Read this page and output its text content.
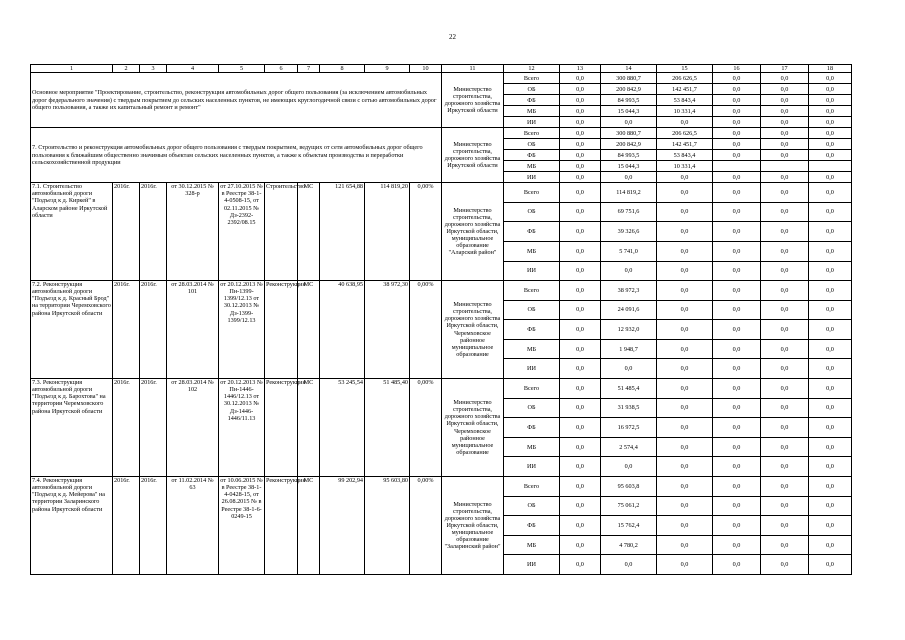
22
1	2	3	4	5	6	7	8	9	10	11	12	13	14	15	16	17	18
Основное мероприятие "Проектирование, строительство, реконструкция автомобильных дорог общего пользования (за исключением автомобильных дорог федерального значения) с твердым покрытием до сельских населенных пунктов, не имеющих круглогодичной связи с сетью автомобильных дорог общего пользования, а также их капитальный ремонт и ремонт"										Министерство строительства, дорожного хозяйства Иркутской области	Всего	0,0	300 880,7	206 626,5	0,0	0,0	0,0
											ОБ	0,0	200 842,9	142 451,7	0,0	0,0	0,0
											ФБ	0,0	84 993,5	53 843,4	0,0	0,0	0,0
											МБ	0,0	15 044,3	10 331,4	0,0	0,0	0,0
											ИИ	0,0	0,0	0,0	0,0	0,0	0,0
7. Строительство и реконструкция автомобильных дорог общего пользования с твердым покрытием, ведущих от сети автомобильных дорог общего пользования к ближайшим общественно значимым объектам сельских населенных пунктов, а также к объектам производства и переработки сельскохозяйственной продукции										Министерство строительства, дорожного хозяйства Иркутской области	Всего	0,0	300 880,7	206 626,5	0,0	0,0	0,0
											ОБ	0,0	200 842,9	142 451,7	0,0	0,0	0,0
											ФБ	0,0	84 993,5	53 843,4	0,0	0,0	0,0
											МБ	0,0	15 044,3	10 331,4			
											ИИ	0,0	0,0	0,0	0,0	0,0	0,0
7.1. Строительство автомобильной дороги "Подъезд к д. Киркей" в Аларском районе Иркутской области	2016г.	2016г.	от 30.12.2015 № 328-р	от 27.10.2015 № в Реестре 38-1-4-0508-15, от 02.11.2015 № Дз-2392-2392/08.15	Строительство	МС	121 654,88	114 819,20	0,00%	Министерство строительства, дорожного хозяйства Иркутской области, муниципальное образование "Аларский район"	Всего	0,0	114 819,2	0,0	0,0	0,0	0,0
											ОБ	0,0	69 751,6	0,0	0,0	0,0	0,0
											ФБ	0,0	39 326,6	0,0	0,0	0,0	0,0
											МБ	0,0	5 741,0	0,0	0,0	0,0	0,0
											ИИ	0,0	0,0	0,0	0,0	0,0	0,0
7.2. Реконструкция автомобильной дороги "Подъезд к д. Красный Брод" на территории Черемховского района Иркутской области	2016г.	2016г.	от 28.03.2014 № 101	от 20.12.2013 № Пн-1399-1399/12.13 от 30.12.2013 № Дз-1399-1399/12.13	Реконструкция	МС	40 638,95	38 972,30	0,00%	Министерство строительства, дорожного хозяйства Иркутской области, Черемховское районное муниципальное образование	Всего	0,0	38 972,3	0,0	0,0	0,0	0,0
											ОБ	0,0	24 091,6	0,0	0,0	0,0	0,0
											ФБ	0,0	12 932,0	0,0	0,0	0,0	0,0
											МБ	0,0	1 948,7	0,0	0,0	0,0	0,0
											ИИ	0,0	0,0	0,0	0,0	0,0	0,0
7.3. Реконструкция автомобильной дороги "Подъезд к д. Барохтова" на территории Черемховского района Иркутской области	2016г.	2016г.	от 28.03.2014 № 102	от 20.12.2013 № Пн-1446-1446/12.13 от 30.12.2013 № Дз-1446-1446/11.13	Реконструкция	МС	53 245,54	51 485,40	0,00%	Министерство строительства, дорожного хозяйства Иркутской области, Черемховское районное муниципальное образование	Всего	0,0	51 485,4	0,0	0,0	0,0	0,0
											ОБ	0,0	31 938,5	0,0	0,0	0,0	0,0
											ФБ	0,0	16 972,5	0,0	0,0	0,0	0,0
											МБ	0,0	2 574,4	0,0	0,0	0,0	0,0
											ИИ	0,0	0,0	0,0	0,0	0,0	0,0
7.4. Реконструкция автомобильной дороги "Подъезд к д. Мейерова" на территории Заларинского района Иркутской области	2016г.	2016г.	от 11.02.2014 № 63	от 10.06.2015 № в Реестре 38-1-4-0428-15, от 26.08.2015 № в Реестре 38-1-6-0249-15	Реконструкция	МС	99 202,94	95 603,80	0,00%	Министерство строительства, дорожного хозяйства Иркутской области, муниципальное образование "Заларинский район"	Всего	0,0	95 603,8	0,0	0,0	0,0	0,0
											ОБ	0,0	75 061,2	0,0	0,0	0,0	0,0
											ФБ	0,0	15 762,4	0,0	0,0	0,0	0,0
											МБ	0,0	4 780,2	0,0	0,0	0,0	0,0
											ИИ	0,0	0,0	0,0	0,0	0,0	0,0
